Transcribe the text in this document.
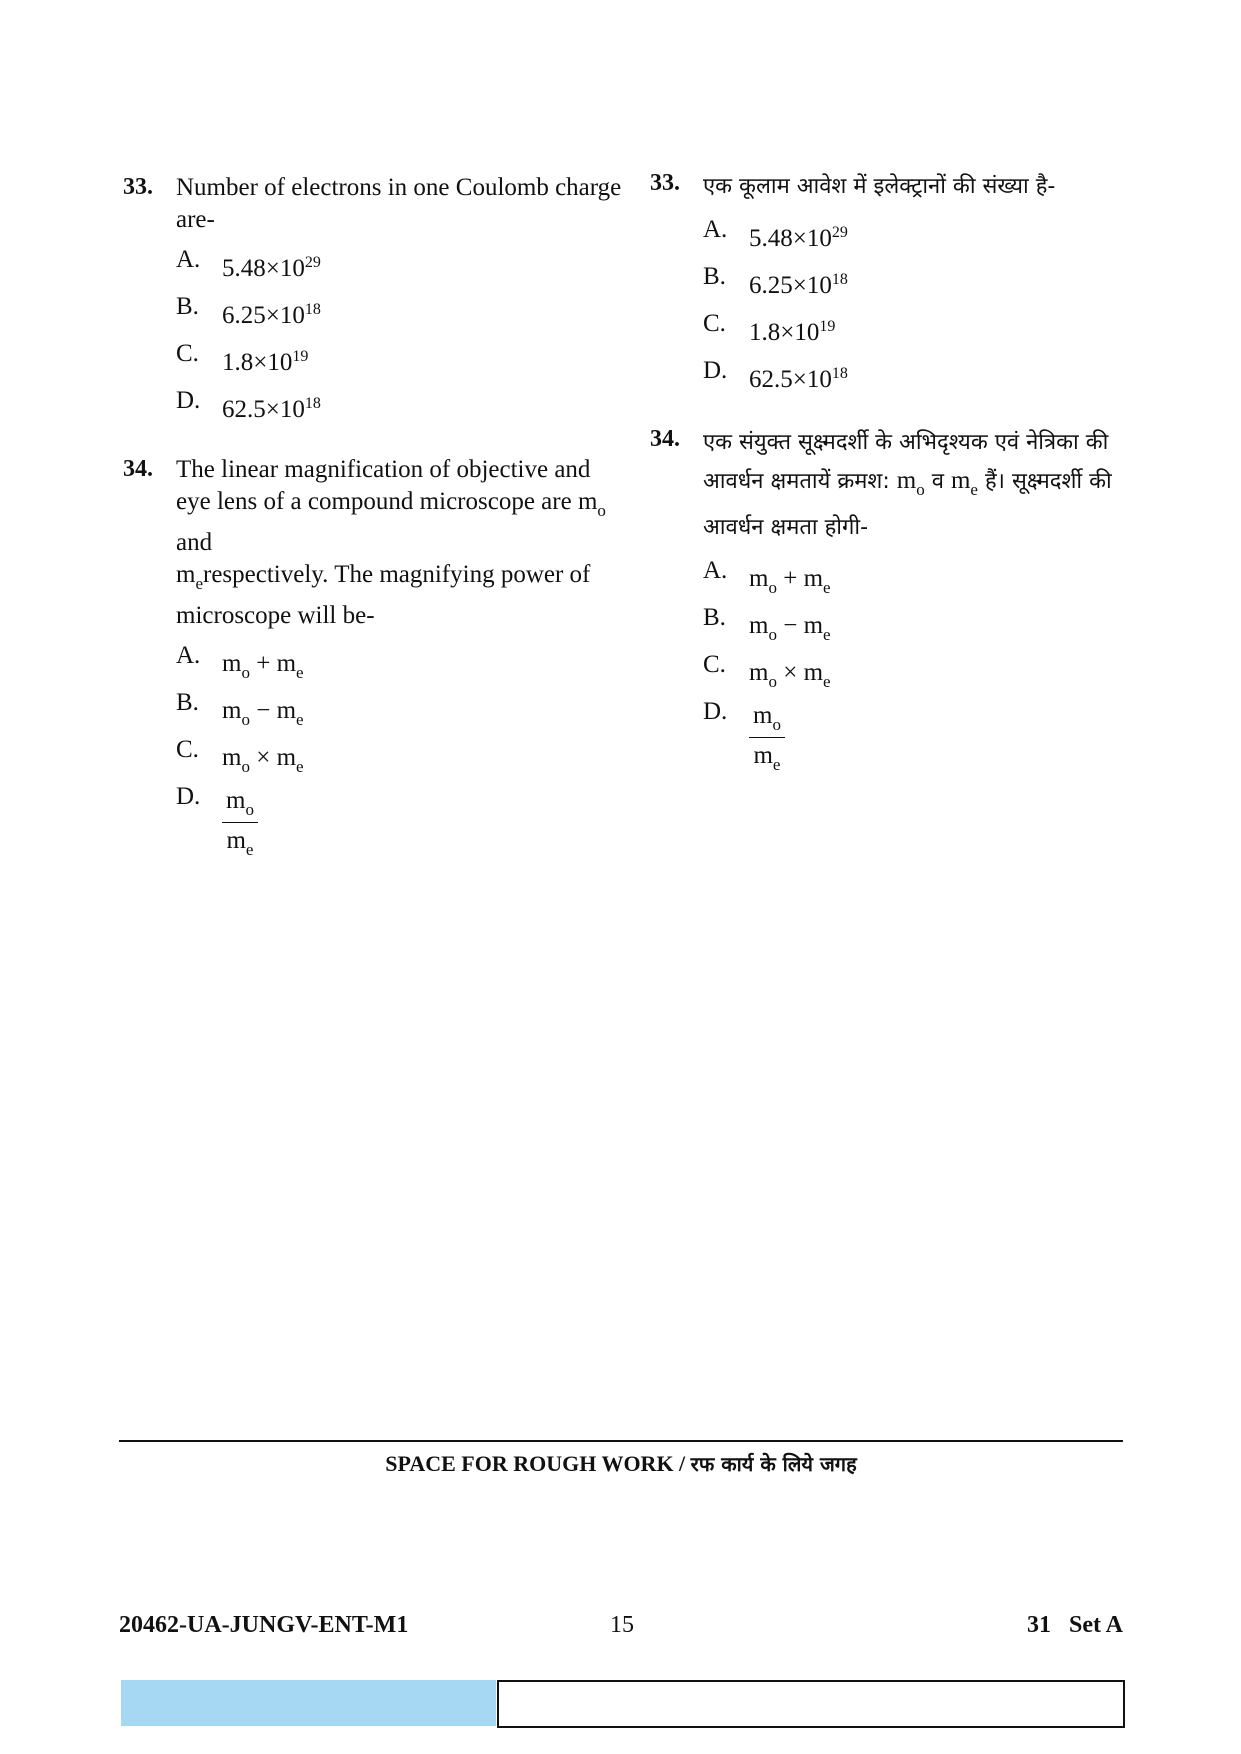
33. Number of electrons in one Coulomb charge are-
A. $5.48\times 10^{29}$
B. $6.25\times 10^{18}$
C. $1.8\times 10^{19}$
D. $62.5\times 10^{18}$
34. The linear magnification of objective and eye lens of a compound microscope are $m_o$ and
$m_erespectively$. The magnifying power of microscope will be-
A. $m_o + m_e$
B. $m_o - m_e$
C. $m_o \times m_e$
D. $\frac{m_o}{m_e}$
33. एक कूलाम आवेश में इलेक्ट्रानों की संख्या है-
A. $5.48\times 10^{29}$
B. $6.25\times 10^{18}$
C. $1.8\times 10^{19}$
D. $62.5\times 10^{18}$
34. एक संयुक्त सूक्ष्मदर्शी के अभिदृश्यक एवं नेत्रिका की आवर्धन क्षमतायें क्रमश: $m_o$ व $m_e$ हैं। सूक्ष्मदर्शी की आवर्धन क्षमता होगी-
A. $m_o + m_e$
B. $m_o - m_e$
C. $m_o \times m_e$
D. $\frac{m_o}{m_e}$
SPACE FOR ROUGH WORK / रफ कार्य के लिये जगह
20462-UA-JUNGV-ENT-M1	15	31   Set A
